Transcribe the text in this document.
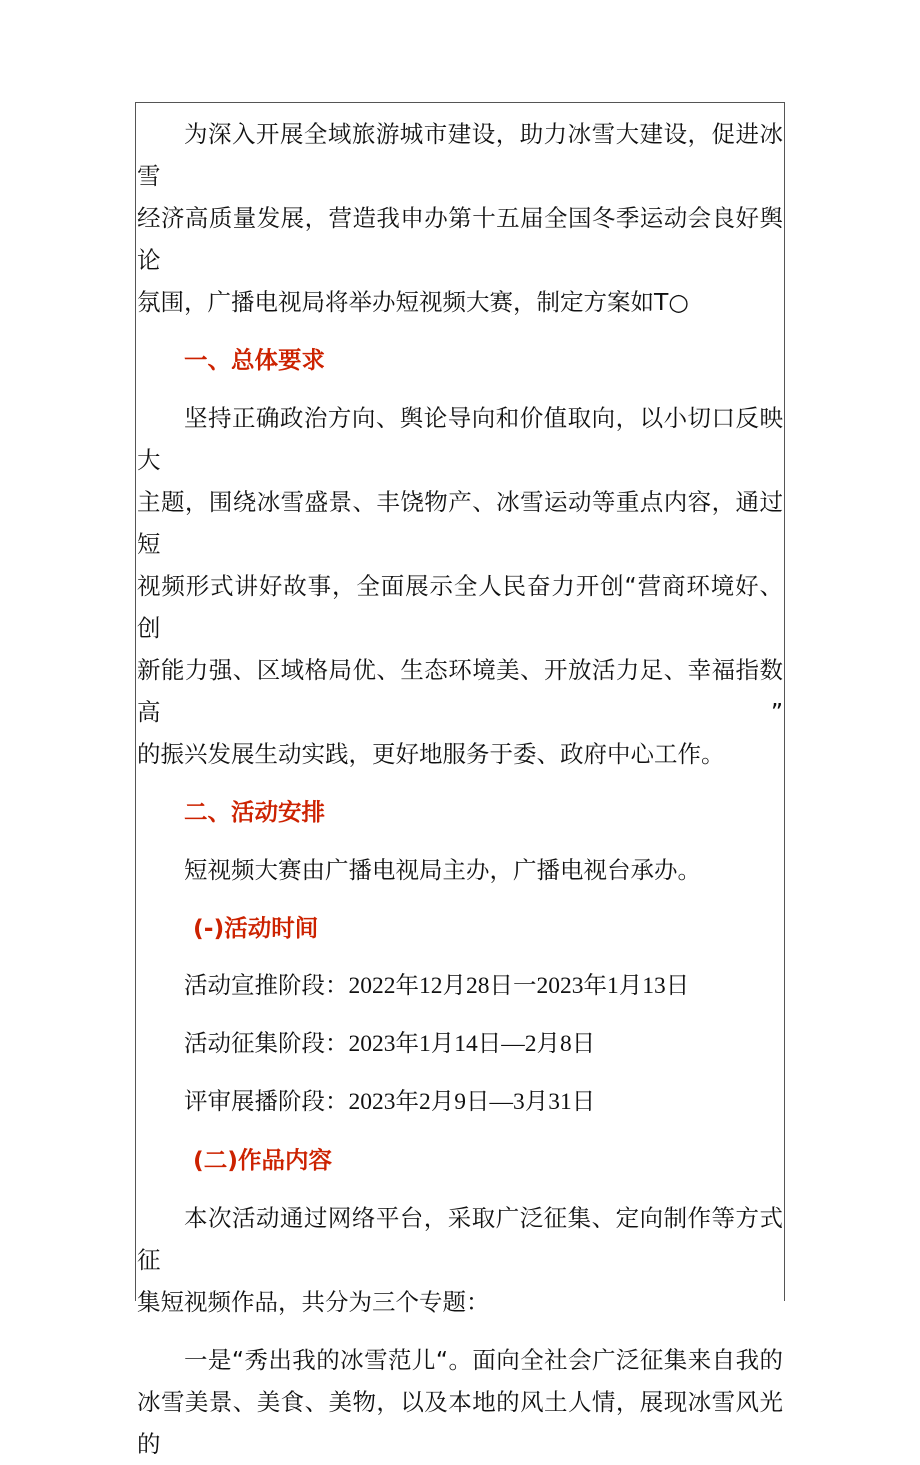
为深入开展全域旅游城市建设，助力冰雪大建设，促进冰雪

经济高质量发展，营造我申办第十五届全国冬季运动会良好舆论

氛围，广播电视局将举办短视频大赛，制定方案如T○

一、总体要求

坚持正确政治方向、舆论导向和价值取向，以小切口反映大

主题，围绕冰雪盛景、丰饶物产、冰雪运动等重点内容，通过短

视频形式讲好故事，全面展示全人民奋力开创“营商环境好、创

新能力强、区域格局优、生态环境美、开放活力足、幸福指数高”

的振兴发展生动实践，更好地服务于委、政府中心工作。

二、活动安排

短视频大赛由广播电视局主办，广播电视台承办。

(-)活动时间

活动宣推阶段：2022年12月28日一2023年1月13日

活动征集阶段：2023年1月14日—2月8日

评审展播阶段：2023年2月9日—3月31日

(二)作品内容

本次活动通过网络平台，采取广泛征集、定向制作等方式征

集短视频作品，共分为三个专题：

一是“秀出我的冰雪范儿“。面向全社会广泛征集来自我的

冰雪美景、美食、美物，以及本地的风土人情，展现冰雪风光的
